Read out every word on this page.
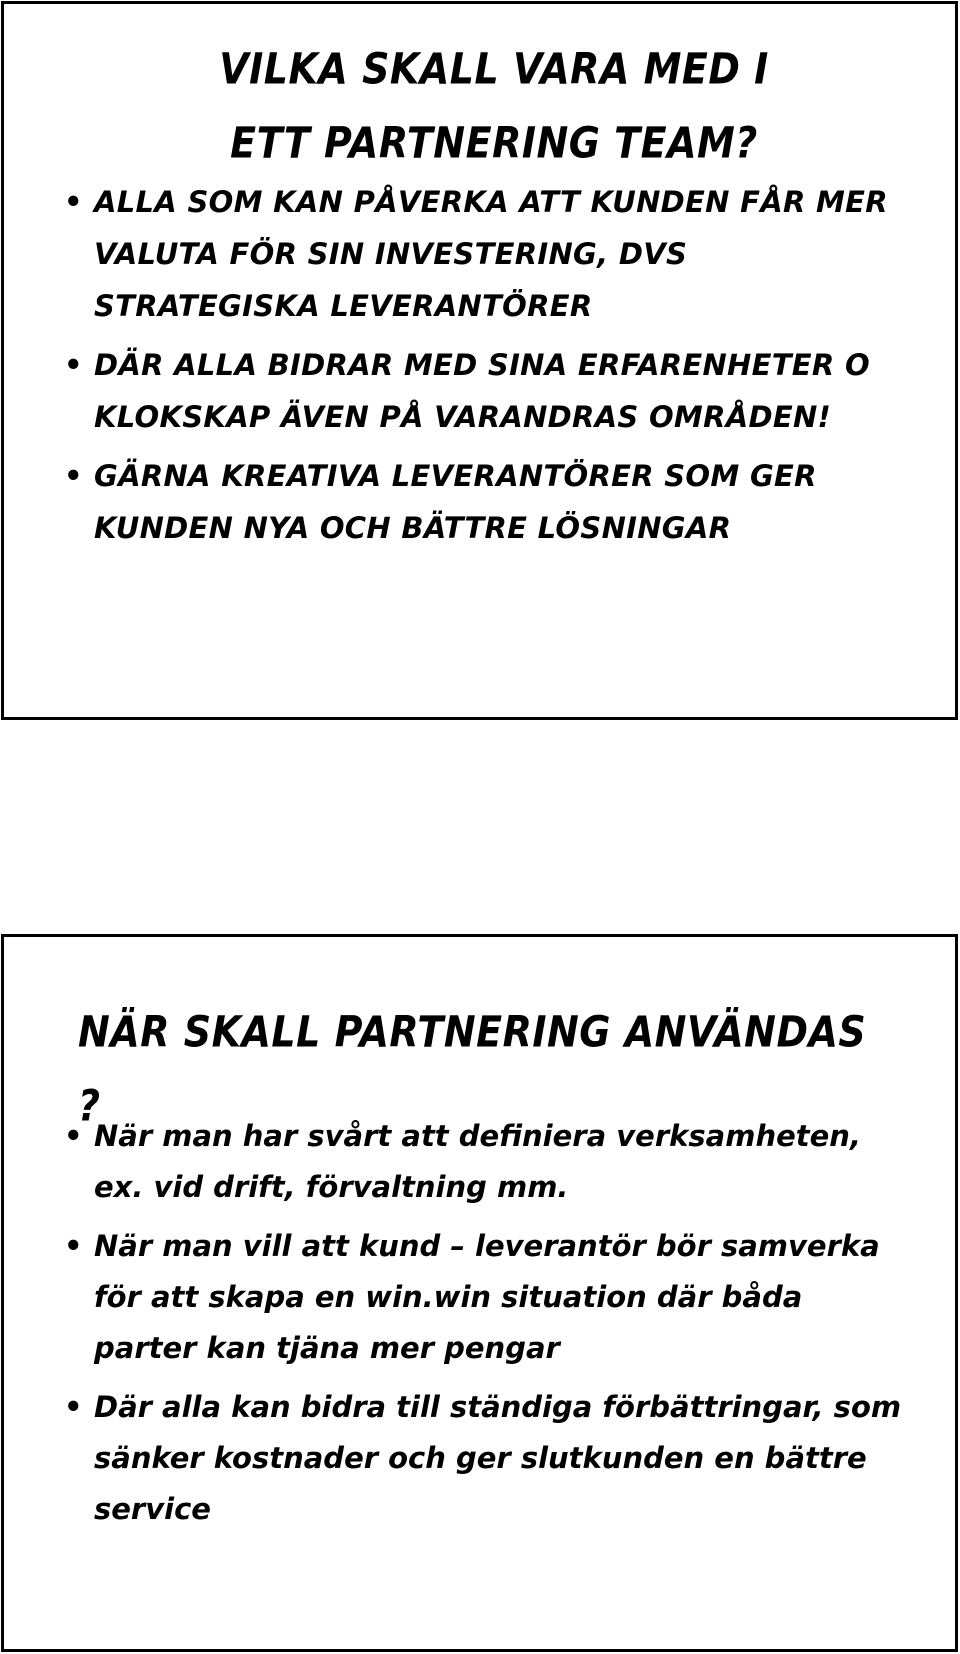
VILKA SKALL VARA MED I ETT PARTNERING TEAM?
• ALLA SOM KAN PÅVERKA ATT KUNDEN FÅR MER VALUTA FÖR SIN INVESTERING, DVS STRATEGISKA LEVERANTÖRER
• DÄR ALLA BIDRAR MED SINA ERFARENHETER O KLOKSKAP ÄVEN PÅ VARANDRAS OMRÅDEN!
• GÄRNA KREATIVA LEVERANTÖRER SOM GER KUNDEN NYA OCH BÄTTRE LÖSNINGAR
NÄR SKALL PARTNERING ANVÄNDAS ?
• När man har svårt att definiera verksamheten, ex. vid drift, förvaltning mm.
• När man vill att kund – leverantör bör samverka för att skapa en win.win situation där båda parter kan tjäna mer pengar
• Där alla kan bidra till ständiga förbättringar, som sänker kostnader och ger slutkunden en bättre service
